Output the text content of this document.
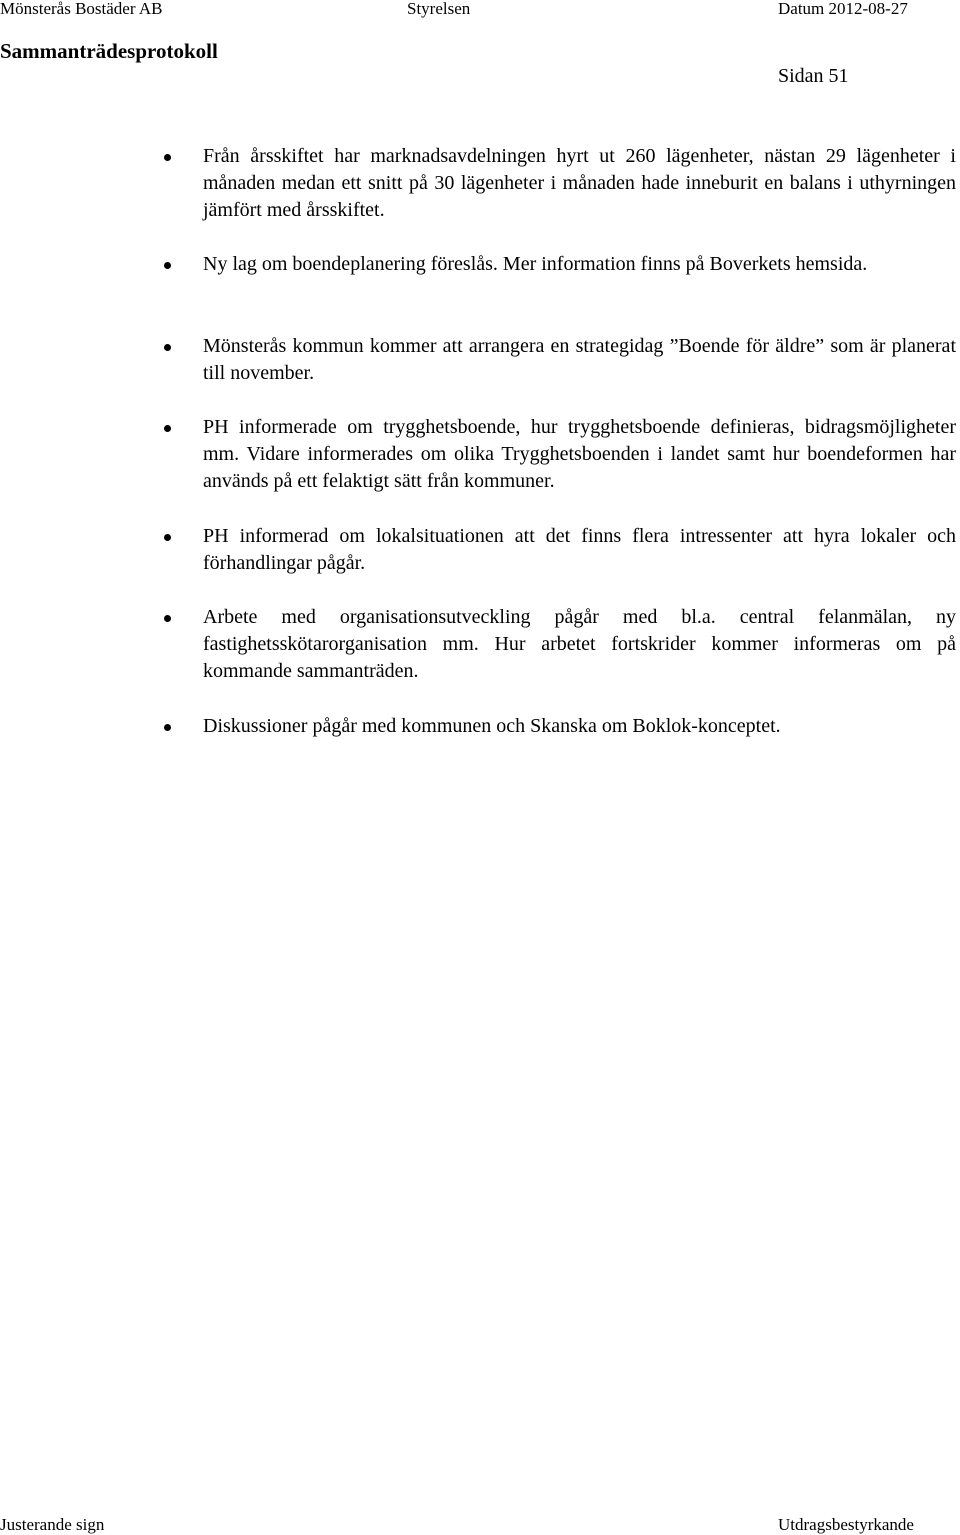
Mönsterås Bostäder AB	Styrelsen	Datum 2012-08-27
Sammanträdesprotokoll
Sidan 51
Från årsskiftet har marknadsavdelningen hyrt ut 260 lägenheter, nästan 29 lägenheter i månaden medan ett snitt på 30 lägenheter i månaden hade inneburit en balans i uthyrningen jämfört med årsskiftet.
Ny lag om boendeplanering föreslås. Mer information finns på Boverkets hemsida.
Mönsterås kommun kommer att arrangera en strategidag ”Boende för äldre” som är planerat till november.
PH informerade om trygghetsboende, hur trygghetsboende definieras, bidragsmöjligheter mm. Vidare informerades om olika Trygghetsboenden i landet samt hur boendeformen har används på ett felaktigt sätt från kommuner.
PH informerad om lokalsituationen att det finns flera intressenter att hyra lokaler och förhandlingar pågår.
Arbete med organisationsutveckling pågår med bl.a. central felanmälan, ny fastighetsskötarorganisation mm. Hur arbetet fortskrider kommer informeras om på kommande sammanträden.
Diskussioner pågår med kommunen och Skanska om Boklok-konceptet.
Justerande sign	Utdragsbestyrkande
